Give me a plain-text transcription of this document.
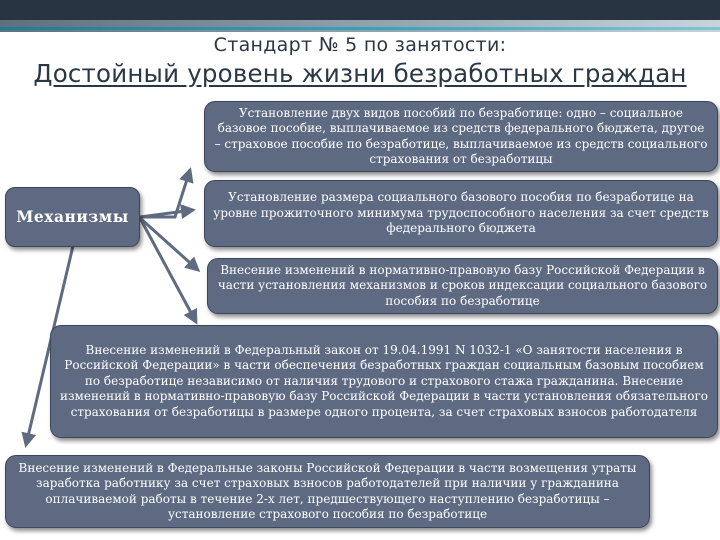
Стандарт № 5 по занятости:
Достойный уровень жизни безработных граждан
Механизмы
Установление двух видов пособий по безработице: одно – социальное базовое пособие, выплачиваемое из средств федерального бюджета, другое – страховое пособие по безработице, выплачиваемое из средств социального страхования от безработицы
Установление размера социального базового пособия по безработице на уровне прожиточного минимума трудоспособного населения за счет средств федерального бюджета
Внесение изменений в нормативно-правовую базу Российской Федерации в части установления механизмов и сроков индексации социального базового пособия по безработице
Внесение изменений в Федеральный закон от 19.04.1991 N 1032-1 «О занятости населения в Российской Федерации» в части обеспечения безработных граждан социальным базовым пособием по безработице независимо от наличия трудового и страхового стажа гражданина. Внесение изменений в нормативно-правовую базу Российской Федерации в части установления обязательного страхования от безработицы в размере одного процента, за счет страховых взносов работодателя
Внесение изменений в Федеральные законы Российской Федерации в части возмещения утраты заработка работнику за счет страховых взносов работодателей при наличии у гражданина оплачиваемой работы в течение 2-х лет, предшествующего наступлению безработицы – установление страхового пособия по безработице
